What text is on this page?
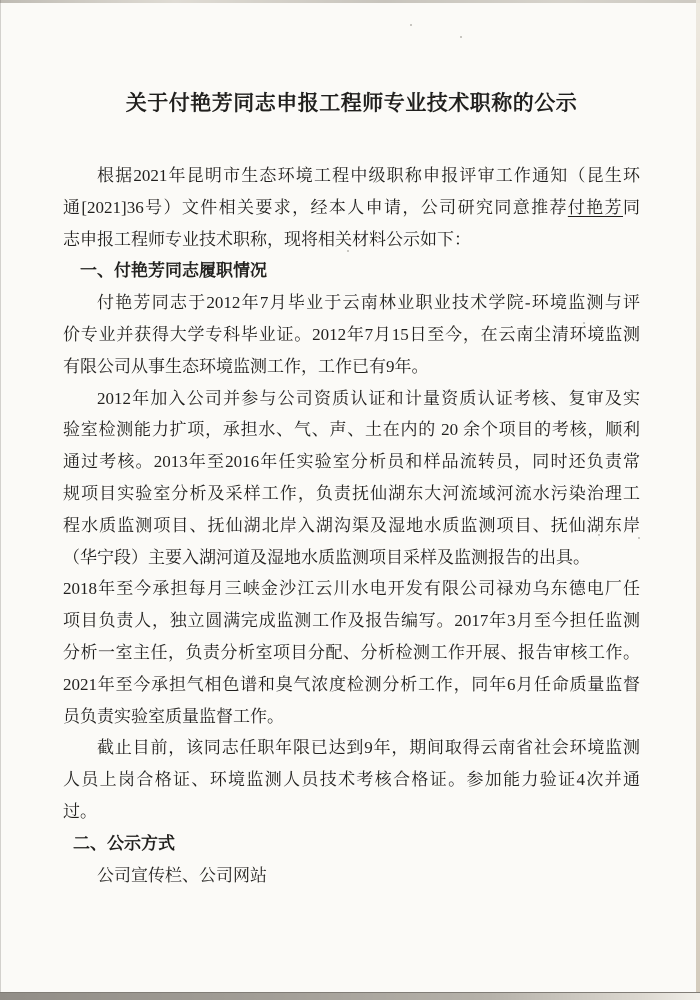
关于付艳芳同志申报工程师专业技术职称的公示
根据2021年昆明市生态环境工程中级职称申报评审工作通知（昆生环
通[2021]36号）文件相关要求，经本人申请，公司研究同意推荐付艳芳同
志申报工程师专业技术职称，现将相关材料公示如下：
一、付艳芳同志履职情况
付艳芳同志于2012年7月毕业于云南林业职业技术学院-环境监测与评
价专业并获得大学专科毕业证。2012年7月15日至今，在云南尘清环境监测
有限公司从事生态环境监测工作，工作已有9年。
2012年加入公司并参与公司资质认证和计量资质认证考核、复审及实
验室检测能力扩项，承担水、气、声、土在内的 20 余个项目的考核，顺利
通过考核。2013年至2016年任实验室分析员和样品流转员，同时还负责常
规项目实验室分析及采样工作，负责抚仙湖东大河流域河流水污染治理工
程水质监测项目、抚仙湖北岸入湖沟渠及湿地水质监测项目、抚仙湖东岸
（华宁段）主要入湖河道及湿地水质监测项目采样及监测报告的出具。
2018年至今承担每月三峡金沙江云川水电开发有限公司禄劝乌东德电厂任
项目负责人，独立圆满完成监测工作及报告编写。2017年3月至今担任监测
分析一室主任，负责分析室项目分配、分析检测工作开展、报告审核工作。
2021年至今承担气相色谱和臭气浓度检测分析工作，同年6月任命质量监督
员负责实验室质量监督工作。
截止目前，该同志任职年限已达到9年，期间取得云南省社会环境监测
人员上岗合格证、环境监测人员技术考核合格证。参加能力验证4次并通
过。
二、公示方式
公司宣传栏、公司网站
